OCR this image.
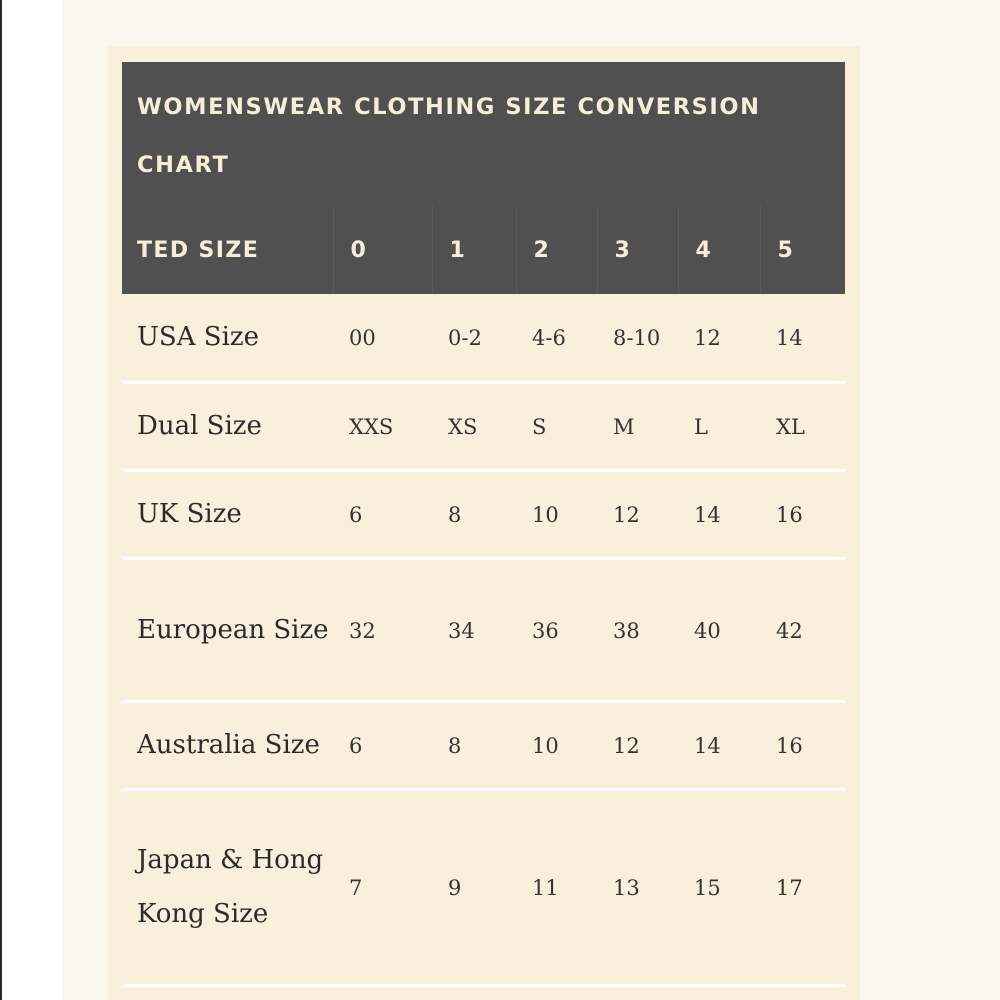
WOMENSWEAR CLOTHING SIZE CONVERSION CHART						
TED SIZE	0	1	2	3	4	5
USA Size	00	0-2	4-6	8-10	12	14
Dual Size	XXS	XS	S	M	L	XL
UK Size	6	8	10	12	14	16
European Size	32	34	36	38	40	42
Australia Size	6	8	10	12	14	16
Japan & Hong Kong Size	7	9	11	13	15	17
